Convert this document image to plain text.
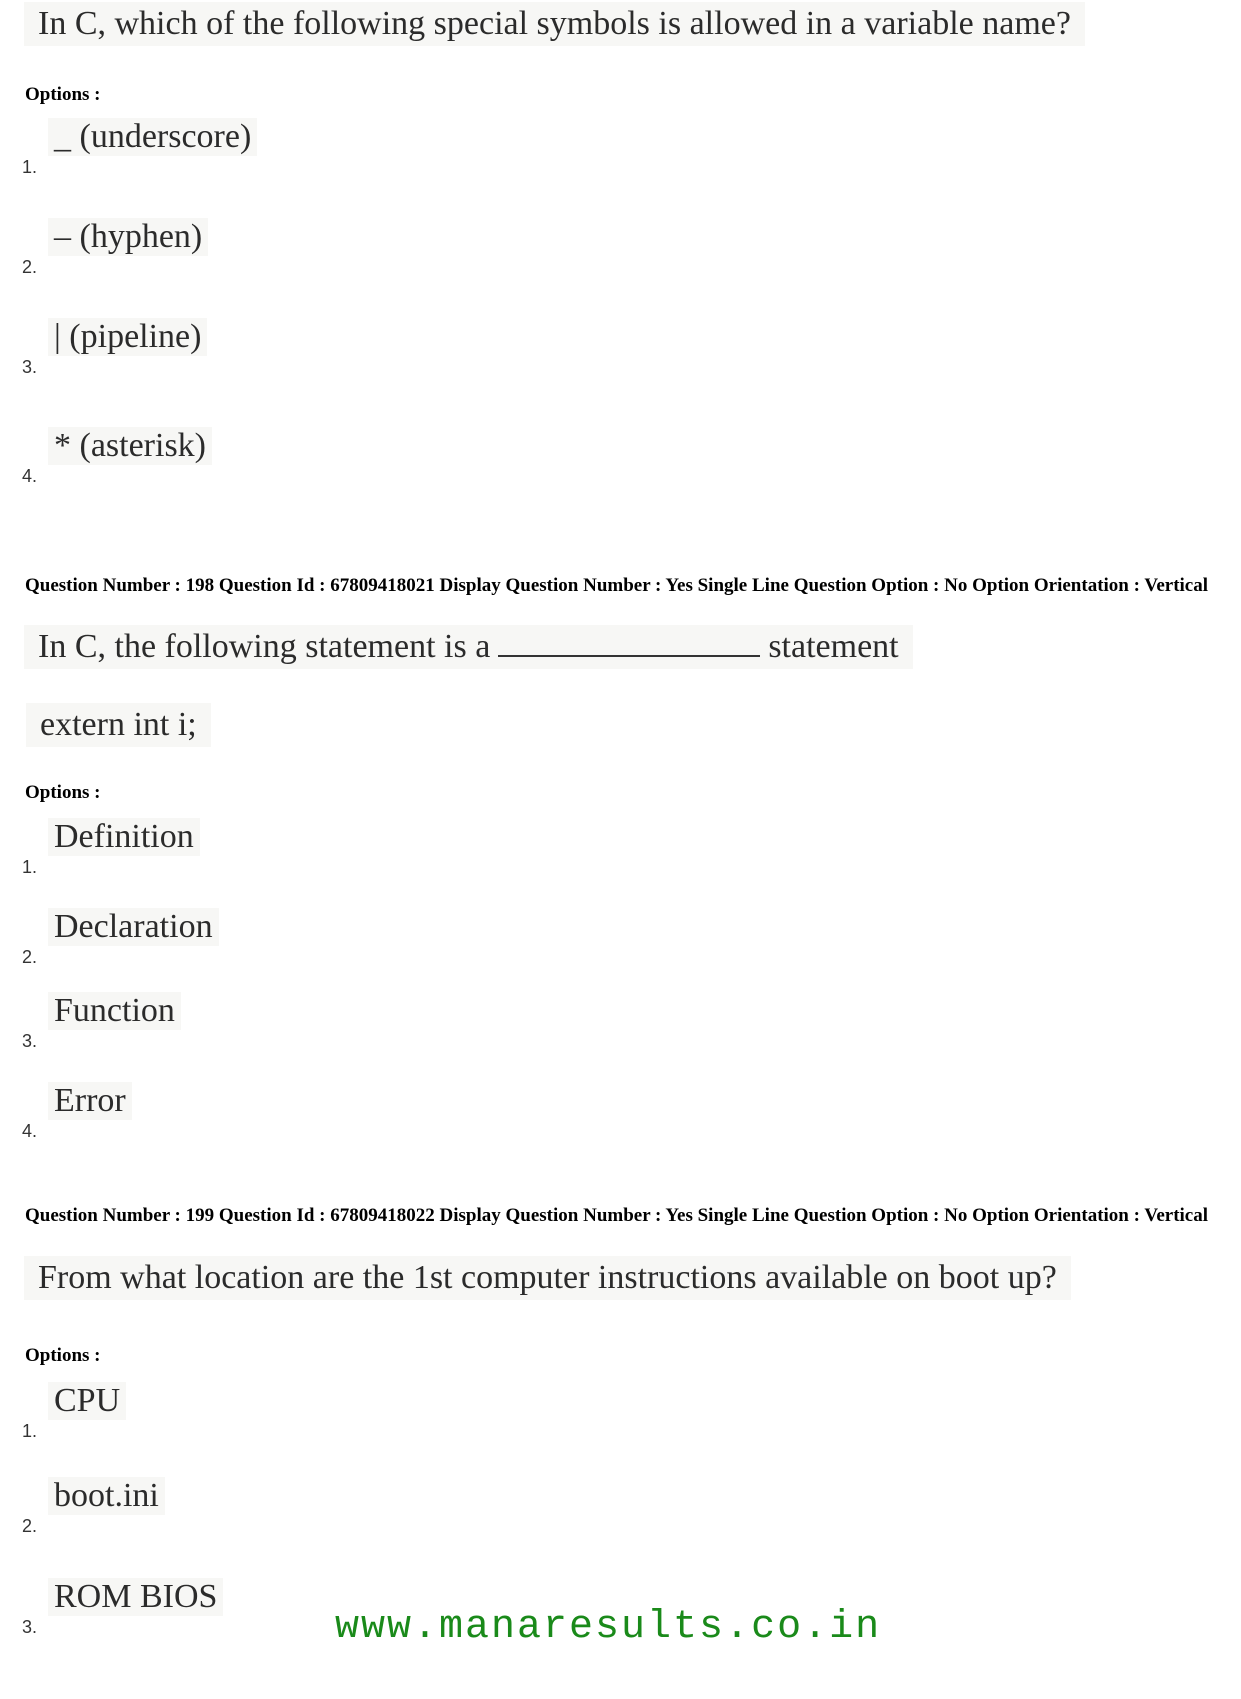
In C, which of the following special symbols is allowed in a variable name?
Options :
1.
_ (underscore)
2.
– (hyphen)
3.
| (pipeline)
4.
* (asterisk)
Question Number : 198 Question Id : 67809418021 Display Question Number : Yes Single Line Question Option : No Option Orientation : Vertical
In C, the following statement is a	statement
extern int i;
Options :
1.
Definition
2.
Declaration
3.
Function
4.
Error
Question Number : 199 Question Id : 67809418022 Display Question Number : Yes Single Line Question Option : No Option Orientation : Vertical
From what location are the 1st computer instructions available on boot up?
Options :
1.
CPU
2.
boot.ini
3.
ROM BIOS
www.manaresults.co.in
